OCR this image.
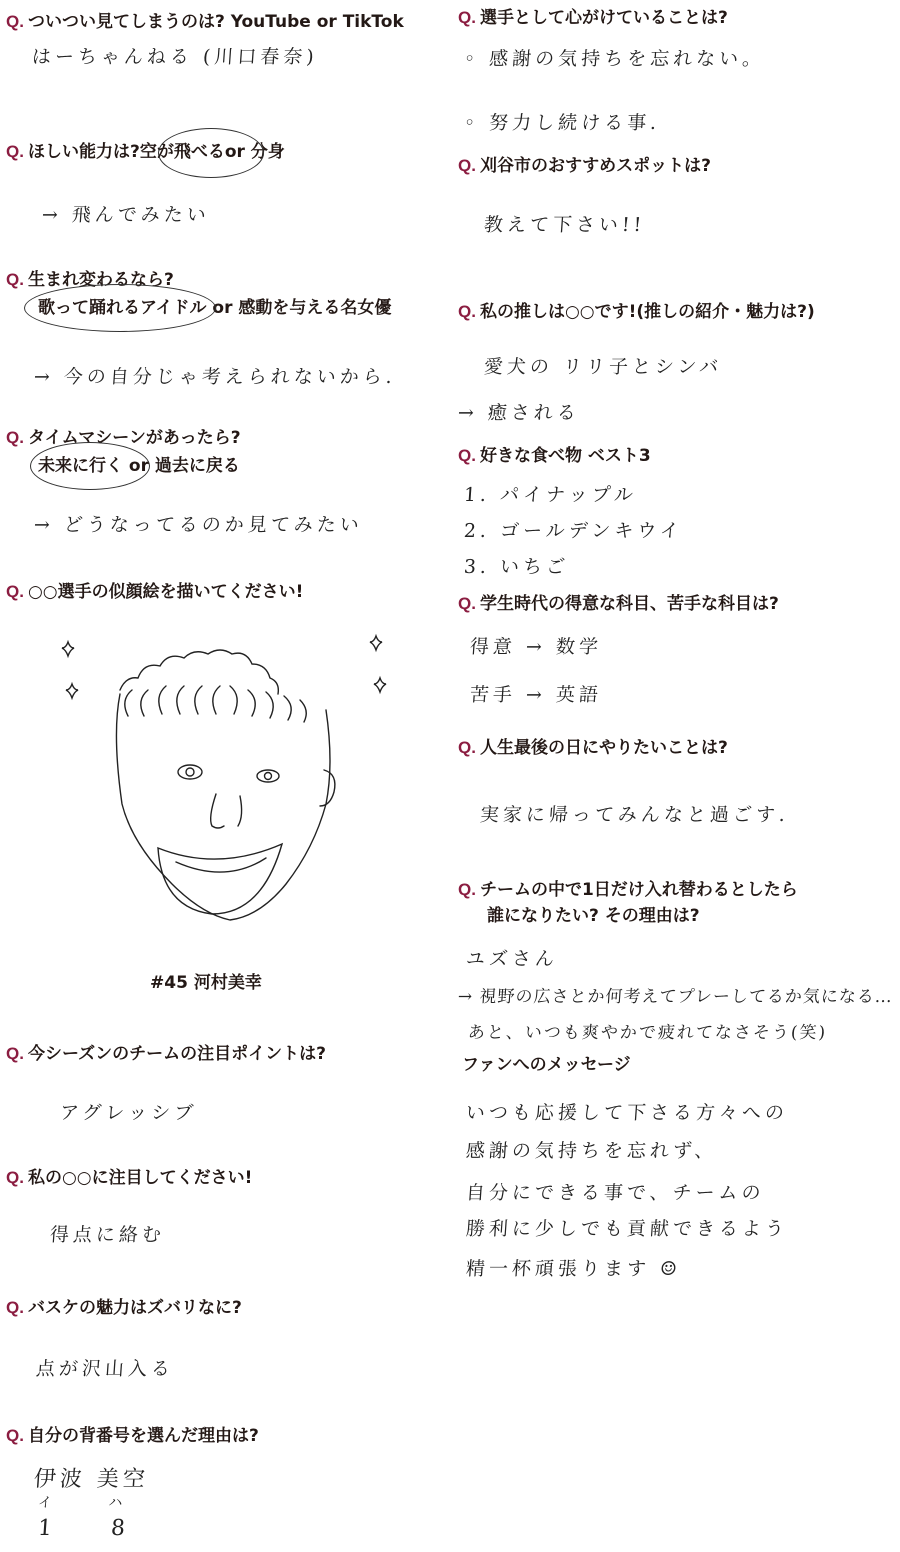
Q. ついつい見てしまうのは? YouTube or TikTok
はーちゃんねる (川口春奈)
Q. ほしい能力は?空が飛べるor 分身
→ 飛んでみたい
Q. 生まれ変わるなら?
歌って踊れるアイドル or 感動を与える名女優
→ 今の自分じゃ考えられないから.
Q. タイムマシーンがあったら?
未来に行く or 過去に戻る
→ どうなってるのか見てみたい
Q. ○○選手の似顔絵を描いてください!
#45 河村美幸
Q. 今シーズンのチームの注目ポイントは?
アグレッシブ
Q. 私の○○に注目してください!
得点に絡む
Q. バスケの魅力はズバリなに?
点が沢山入る
Q. 自分の背番号を選んだ理由は?
伊波 美空
イ ハ
1 8
Q. 選手として心がけていることは?
◦ 感謝の気持ちを忘れない。
◦ 努力し続ける事.
Q. 刈谷市のおすすめスポットは?
教えて下さい!!
Q. 私の推しは○○です!(推しの紹介・魅力は?)
愛犬の リリ子とシンバ
→ 癒される
Q. 好きな食べ物 ベスト3
1. パイナップル
2. ゴールデンキウイ
3. いちご
Q. 学生時代の得意な科目、苦手な科目は?
得意 → 数学
苦手 → 英語
Q. 人生最後の日にやりたいことは?
実家に帰ってみんなと過ごす.
Q. チームの中で1日だけ入れ替わるとしたら
誰になりたい? その理由は?
ユズさん
→ 視野の広さとか何考えてプレーしてるか気になる…
あと、いつも爽やかで疲れてなさそう(笑)
ファンへのメッセージ
いつも応援して下さる方々への
感謝の気持ちを忘れず、
自分にできる事で、チームの
勝利に少しでも貢献できるよう
精一杯頑張ります ☺
